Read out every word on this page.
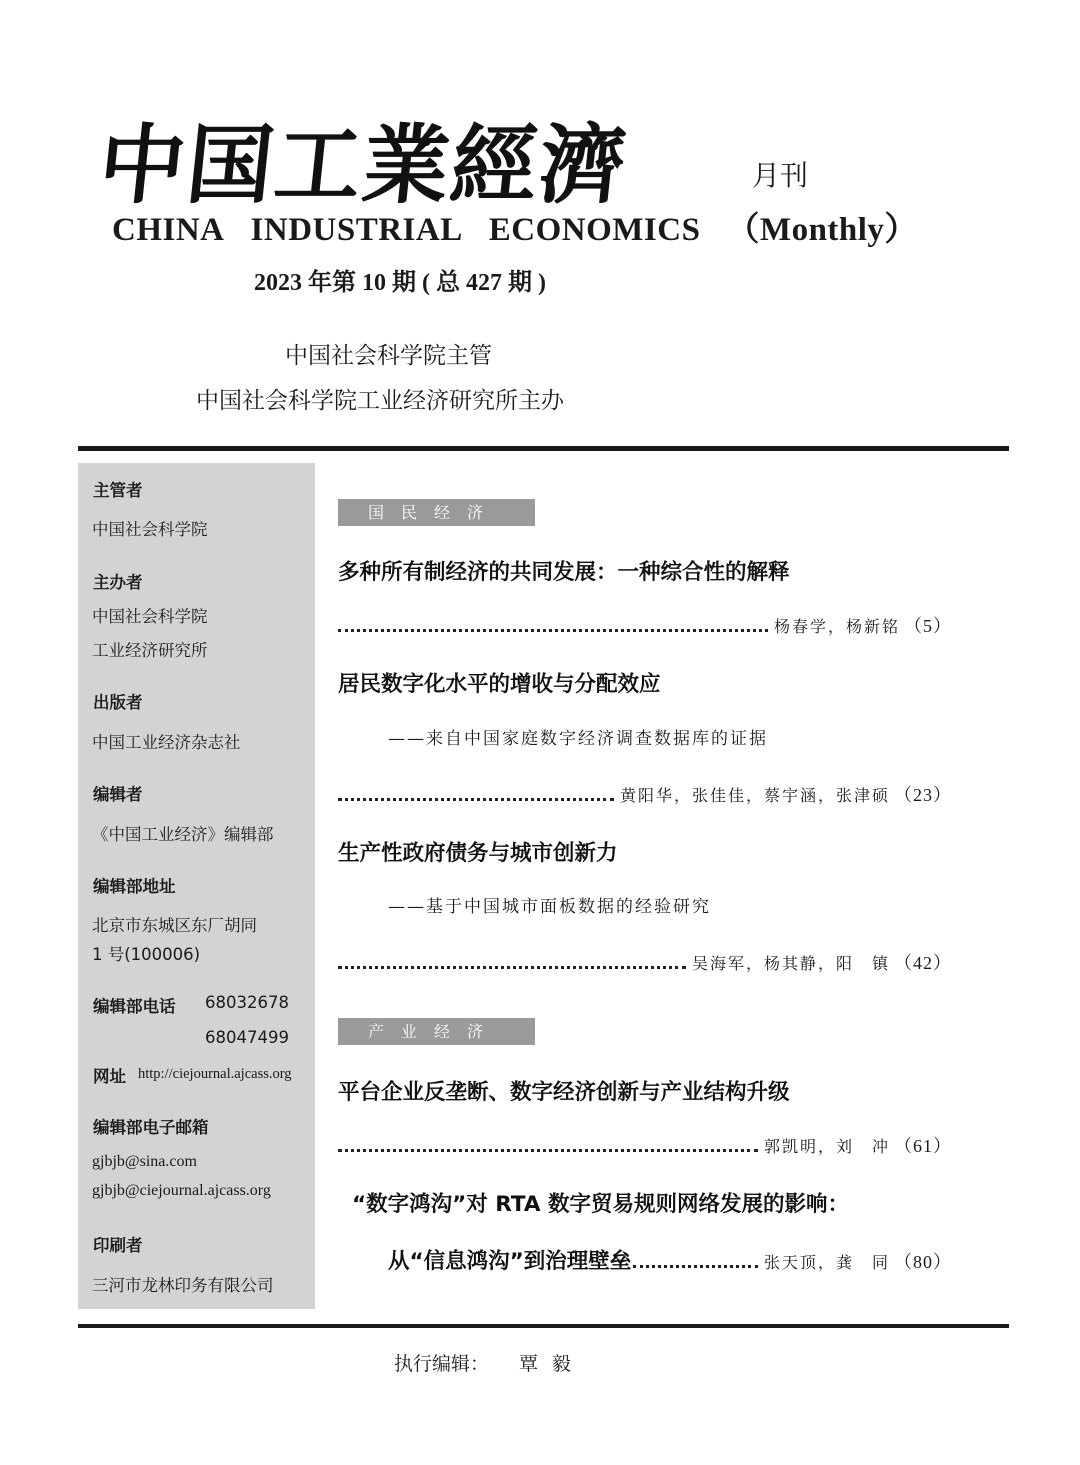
中国工業經濟	月刊
CHINA INDUSTRIAL ECONOMICS （Monthly）
2023 年第 10 期 ( 总 427 期 )
中国社会科学院主管
中国社会科学院工业经济研究所主办
主管者
中国社会科学院
主办者
中国社会科学院
工业经济研究所
出版者
中国工业经济杂志社
编辑者
《中国工业经济》编辑部
编辑部地址
北京市东城区东厂胡同
1 号(100006)
编辑部电话 68032678
68047499
网址 http://ciejournal.ajcass.org
编辑部电子邮箱
gjbjb@sina.com
gjbjb@ciejournal.ajcass.org
印刷者
三河市龙林印务有限公司
国民经济
多种所有制经济的共同发展：一种综合性的解释
杨春学，杨新铭 （5）
居民数字化水平的增收与分配效应
——来自中国家庭数字经济调查数据库的证据
黄阳华，张佳佳，蔡宇涵，张津硕 （23）
生产性政府债务与城市创新力
——基于中国城市面板数据的经验研究
吴海军，杨其静，阳　镇 （42）
产业经济
平台企业反垄断、数字经济创新与产业结构升级
郭凯明，刘　冲 （61）
“数字鸿沟”对 RTA 数字贸易规则网络发展的影响：
从“信息鸿沟”到治理壁垒	张天顶，龚　同 （80）
执行编辑： 覃毅
